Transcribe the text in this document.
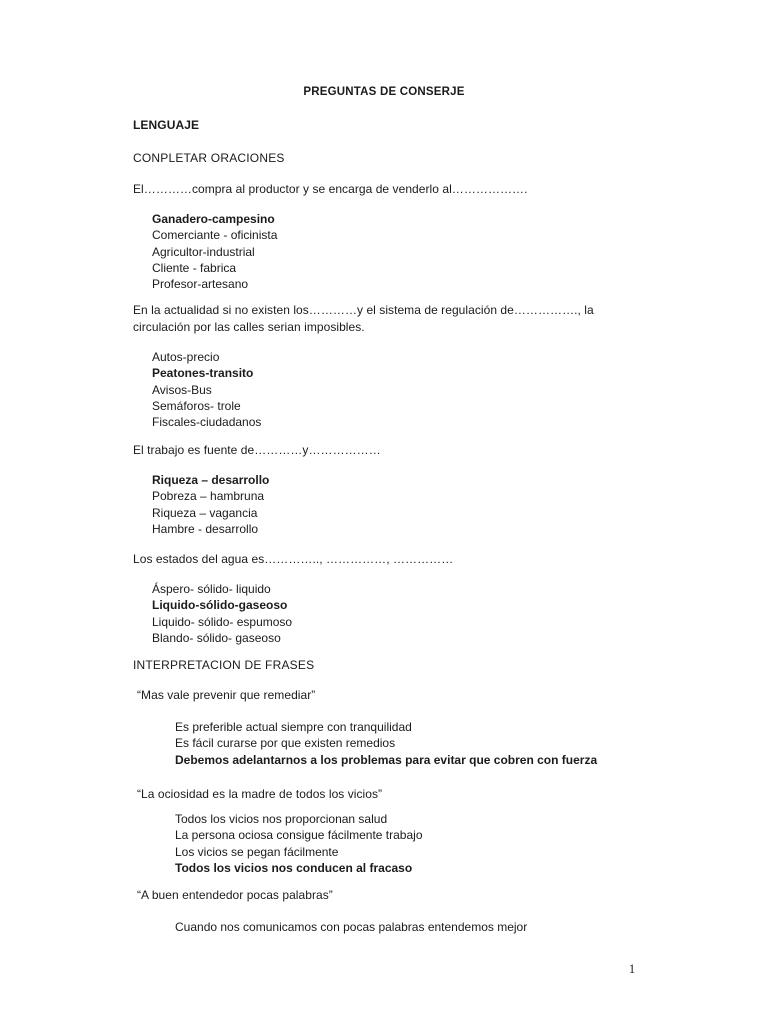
PREGUNTAS DE CONSERJE
LENGUAJE
CONPLETAR ORACIONES
El…………compra al productor y se encarga de venderlo al……………….
Ganadero-campesino
Comerciante - oficinista
Agricultor-industrial
Cliente - fabrica
Profesor-artesano
En la actualidad si no existen los…………y el sistema de regulación de……………., la circulación por las calles serian imposibles.
Autos-precio
Peatones-transito
Avisos-Bus
Semáforos- trole
Fiscales-ciudadanos
El trabajo es fuente de…………y………………
Riqueza – desarrollo
Pobreza – hambruna
Riqueza – vagancia
Hambre - desarrollo
Los estados del agua es………….., ……………, ……………
Áspero- sólido- liquido
Liquido-sólido-gaseoso
Liquido- sólido- espumoso
Blando- sólido- gaseoso
INTERPRETACION DE FRASES
“Mas vale prevenir que remediar”
Es preferible actual siempre con tranquilidad
Es fácil curarse por que existen remedios
Debemos adelantarnos a los problemas para evitar que cobren con fuerza
“La ociosidad es la madre de todos los vicios”
Todos los vicios nos proporcionan salud
La persona ociosa consigue fácilmente trabajo
Los vicios se pegan fácilmente
Todos los vicios nos conducen al fracaso
“A buen entendedor pocas palabras”
Cuando nos comunicamos con pocas palabras entendemos mejor
1
